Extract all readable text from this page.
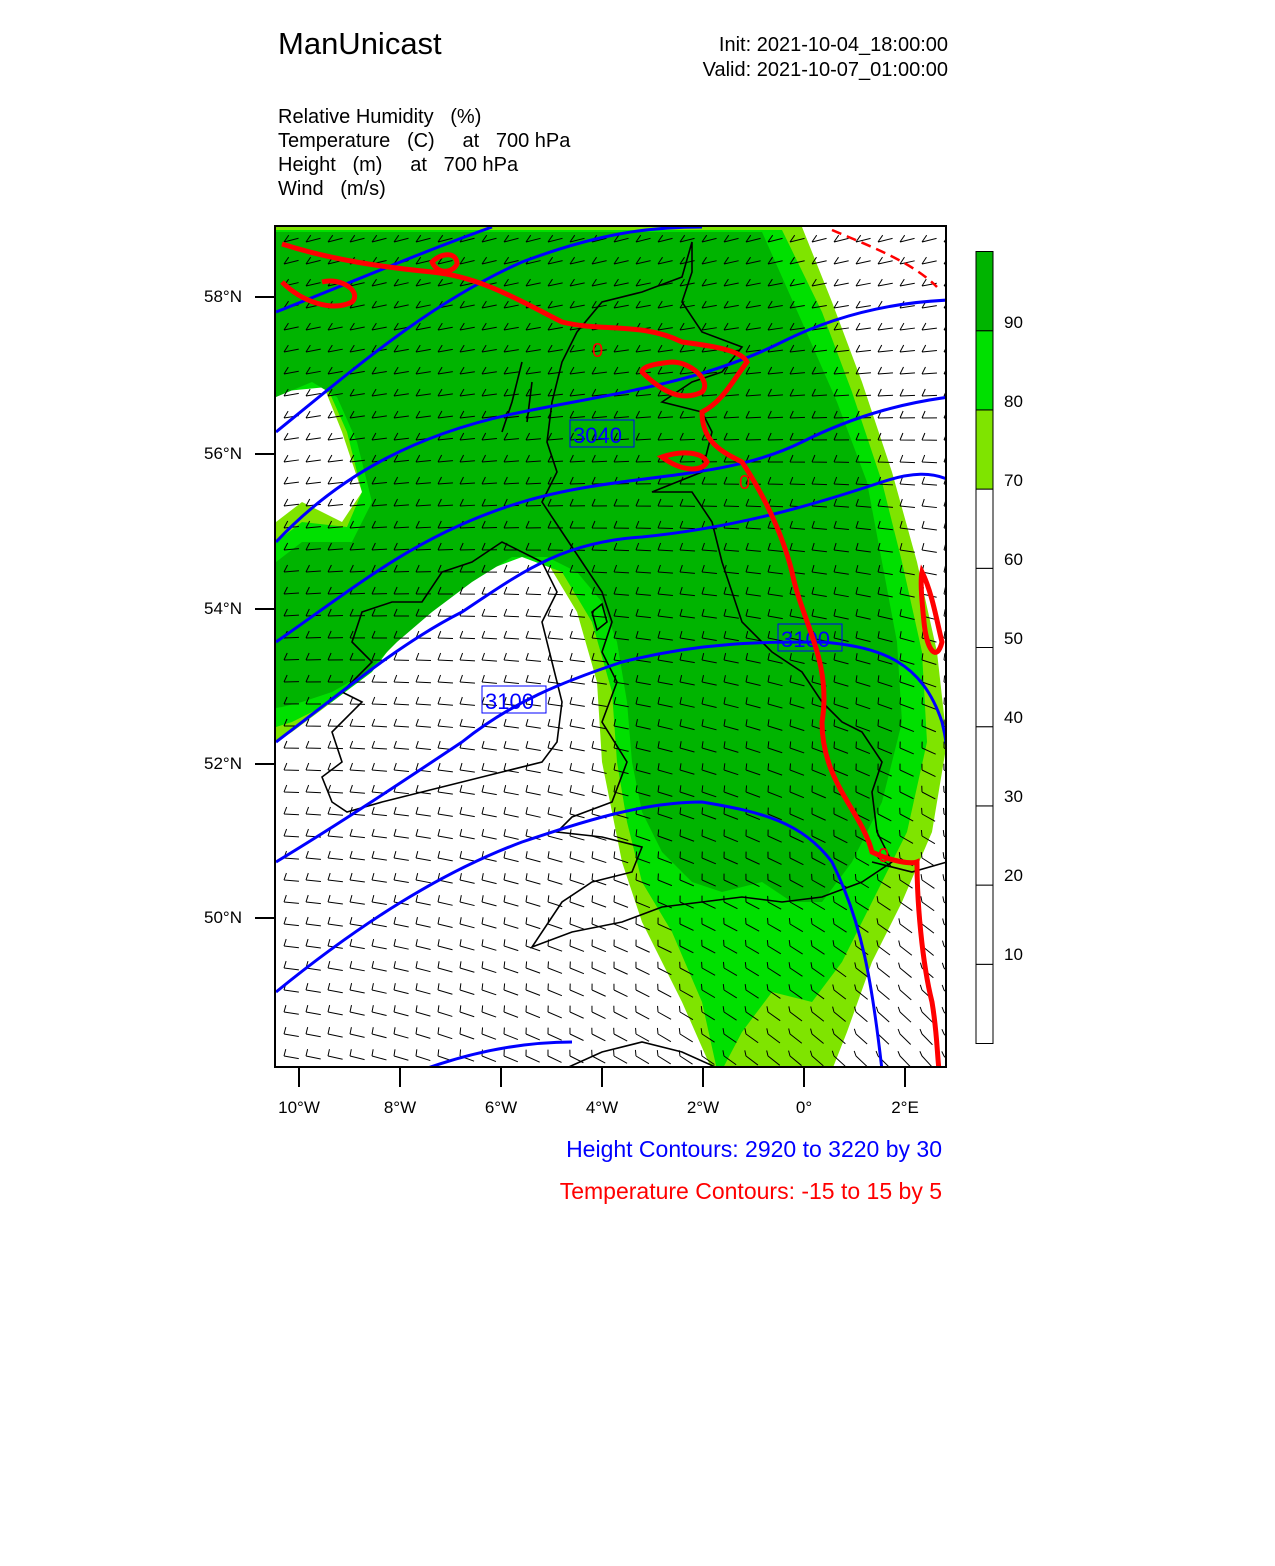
ManUnicast	Init: 2021-10-04_18:00:00
Valid: 2021-10-07_01:00:00
Relative Humidity   (%)
Temperature   (C)     at   700 hPa
Height   (m)     at   700 hPa
Wind   (m/s)
3040
3100
3100
0
0
0
58°N
56°N
54°N
52°N
50°N
10°W	8°W	6°W	4°W	2°W	0°	2°E
90
80
70
60
50
40
30
20
10
Height Contours: 2920 to 3220 by 30
Temperature Contours: -15 to 15 by 5
